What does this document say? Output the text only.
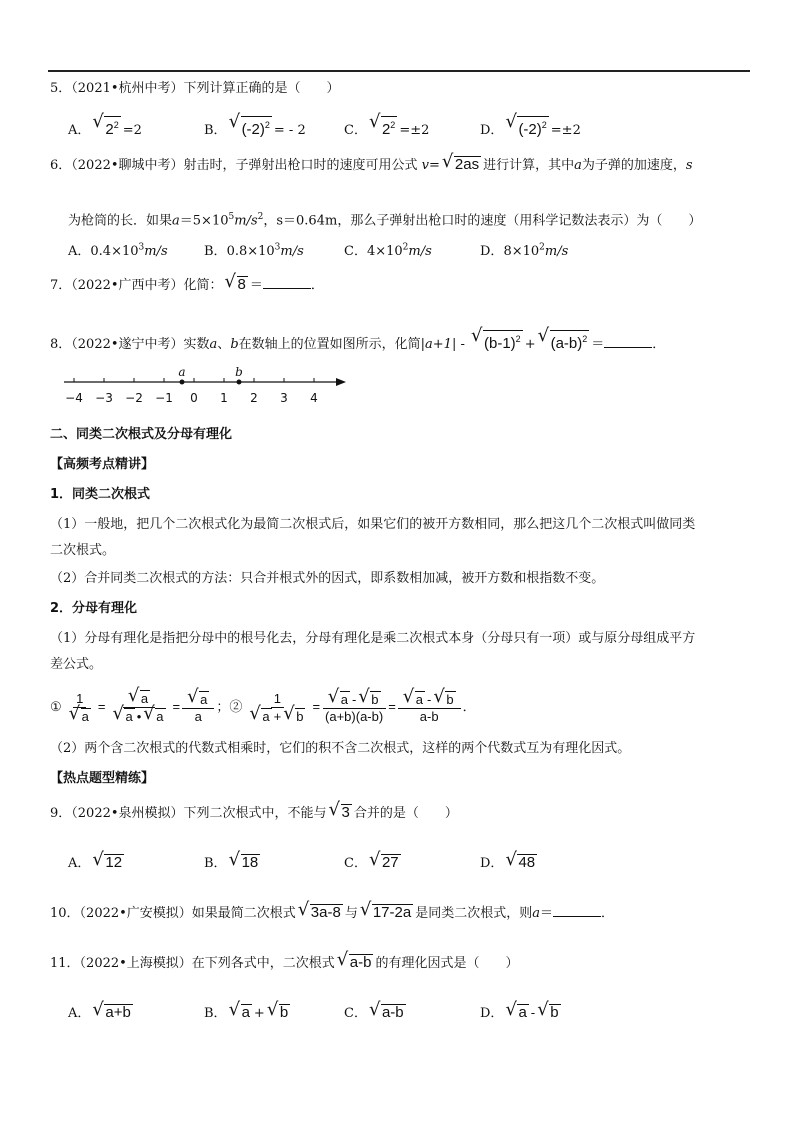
5．（2021•杭州中考）下列计算正确的是（　　）
A． √ $2^2 =2$	B． √ $(-2)^2$ = - 2	C． √ $2^2 =\pm 2$	D． √ $(-2)^2 =\pm 2$
6．（2022•聊城中考）射击时，子弹射出枪口时的速度可用公式 v= √ 2as 进行计算，其中a为子弹的加速度，s
为枪筒的长．如果$a=5\times 10^5m/s^2$，s＝0.64m，那么子弹射出枪口时的速度（用科学记数法表示）为（　　）
A．$0.4\times 10^3m/s$	B．$0.8\times 10^3m/s$	C．$4\times 10^2m/s$	D．$8\times 10^2m/s$
7．（2022•广西中考）化简： √ 8 ＝	．
8．（2022•遂宁中考）实数a、b在数轴上的位置如图所示，化简|a+1| - √ $(b-1)^2$ + √ $(a-b)^2$ ＝	．
−4 −3 −2 −1 0 1 2 3 4
a	b
二、同类二次根式及分母有理化
【高频考点精讲】
1．同类二次根式
（1）一般地，把几个二次根式化为最简二次根式后，如果它们的被开方数相同，那么把这几个二次根式叫做同类
二次根式。
（2）合并同类二次根式的方法：只合并根式外的因式，即系数相加减，被开方数和根指数不变。
2．分母有理化
（1）分母有理化是指把分母中的根号化去，分母有理化是乘二次根式本身（分母只有一项）或与原分母组成平方
差公式。
① $\frac{1}{√ a} = \frac{√ a}{√ a • √ a} = \frac{√ a}{a}$ ；② $\frac{1}{√ a + √ b} = \frac{√ a - √ b}{(a+b)(a-b)} = \frac{√ a - √ b}{a-b}$ ．
（2）两个含二次根式的代数式相乘时，它们的积不含二次根式，这样的两个代数式互为有理化因式。
【热点题型精练】
9．（2022•泉州模拟）下列二次根式中，不能与 √ 3 合并的是（　　）
A． √ 12	B． √ 18	C． √ 27	D． √ 48
10．（2022•广安模拟）如果最简二次根式 √ 3a-8 与 √ 17-2a 是同类二次根式，则a＝	．
11．（2022•上海模拟）在下列各式中，二次根式 √ a-b 的有理化因式是（　　）
A． √ a+b	B． √ a + √ b	C． √ a-b	D． √ a - √ b
